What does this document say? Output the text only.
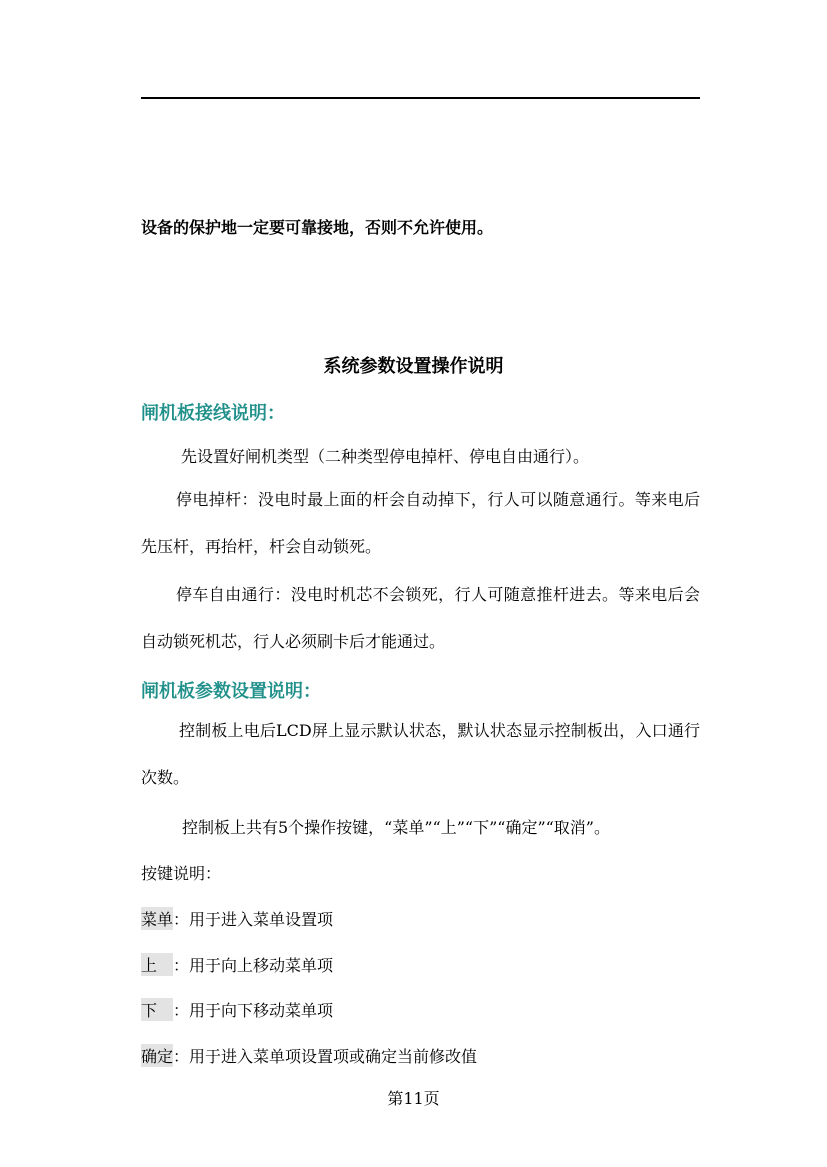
设备的保护地一定要可靠接地，否则不允许使用。
系统参数设置操作说明
闸机板接线说明：
先设置好闸机类型（二种类型停电掉杆、停电自由通行）。
停电掉杆：没电时最上面的杆会自动掉下，行人可以随意通行。等来电后先压杆，再抬杆，杆会自动锁死。
停车自由通行：没电时机芯不会锁死，行人可随意推杆进去。等来电后会自动锁死机芯，行人必须刷卡后才能通过。
闸机板参数设置说明：
控制板上电后LCD屏上显示默认状态，默认状态显示控制板出，入口通行次数。
控制板上共有5个操作按键，“菜单”“上”“下”“确定”“取消”。
按键说明：
菜单：用于进入菜单设置项
上 ：用于向上移动菜单项
下 ：用于向下移动菜单项
确定：用于进入菜单项设置项或确定当前修改值
第11页
